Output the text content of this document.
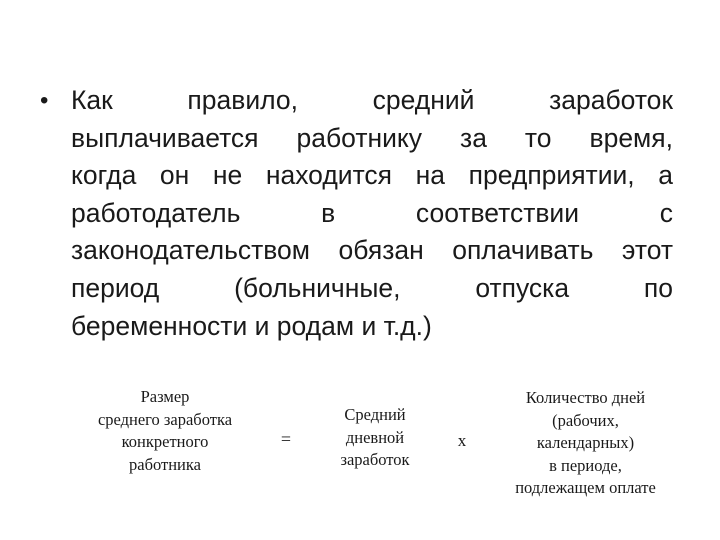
• Как правило, средний заработок
выплачивается работнику за то время,
когда он не находится на предприятии, а
работодатель в соответствии с
законодательством обязан оплачивать этот
период (больничные, отпуска по
беременности и родам и т.д.)
Размер
среднего заработка
конкретного
работника
=
Средний
дневной
заработок
х
Количество дней
(рабочих,
календарных)
в периоде,
подлежащем оплате
